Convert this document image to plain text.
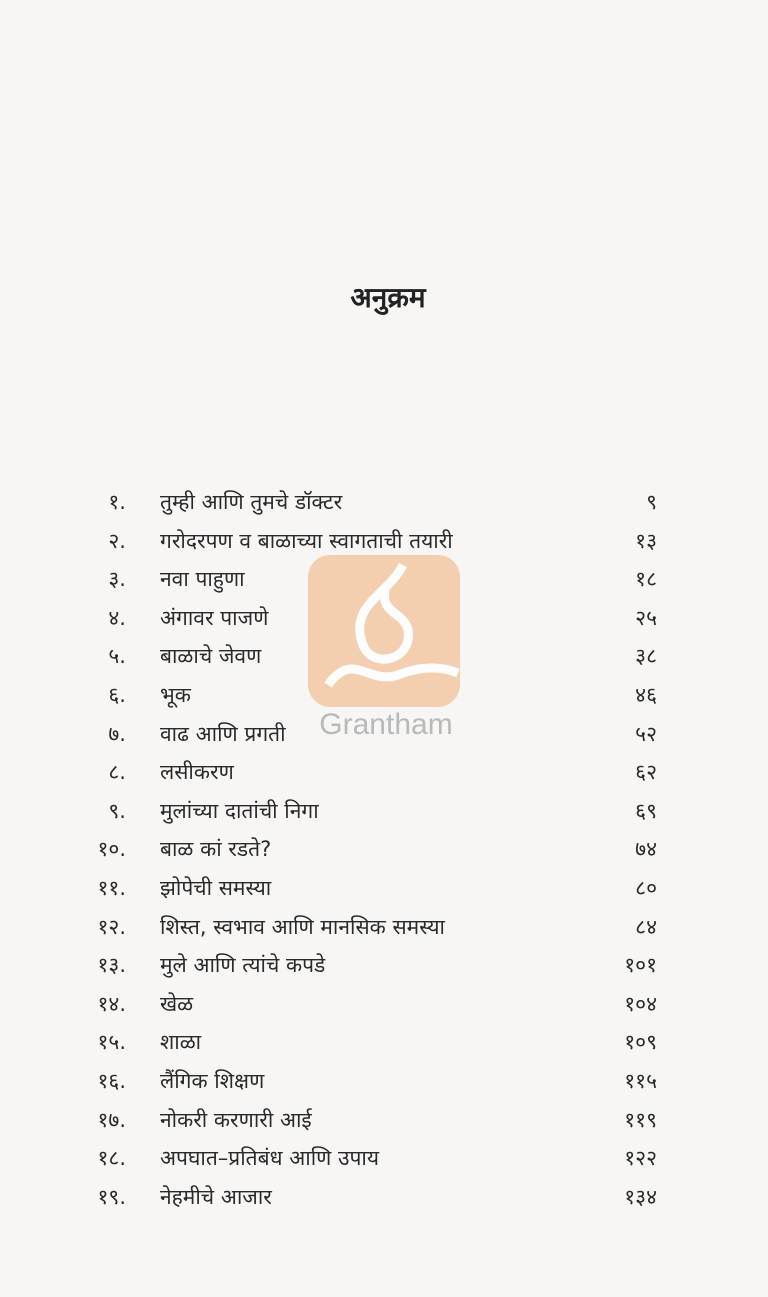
अनुक्रम
Grantham
१. तुम्ही आणि तुमचे डॉक्टर	९
२. गरोदरपण व बाळाच्या स्वागताची तयारी	१३
३. नवा पाहुणा	१८
४. अंगावर पाजणे	२५
५. बाळाचे जेवण	३८
६. भूक	४६
७. वाढ आणि प्रगती	५२
८. लसीकरण	६२
९. मुलांच्या दातांची निगा	६९
१०. बाळ कां रडते?	७४
११. झोपेची समस्या	८०
१२. शिस्त, स्वभाव आणि मानसिक समस्या	८४
१३. मुले आणि त्यांचे कपडे	१०१
१४. खेळ	१०४
१५. शाळा	१०९
१६. लैंगिक शिक्षण	११५
१७. नोकरी करणारी आई	११९
१८. अपघात–प्रतिबंध आणि उपाय	१२२
१९. नेहमीचे आजार	१३४
